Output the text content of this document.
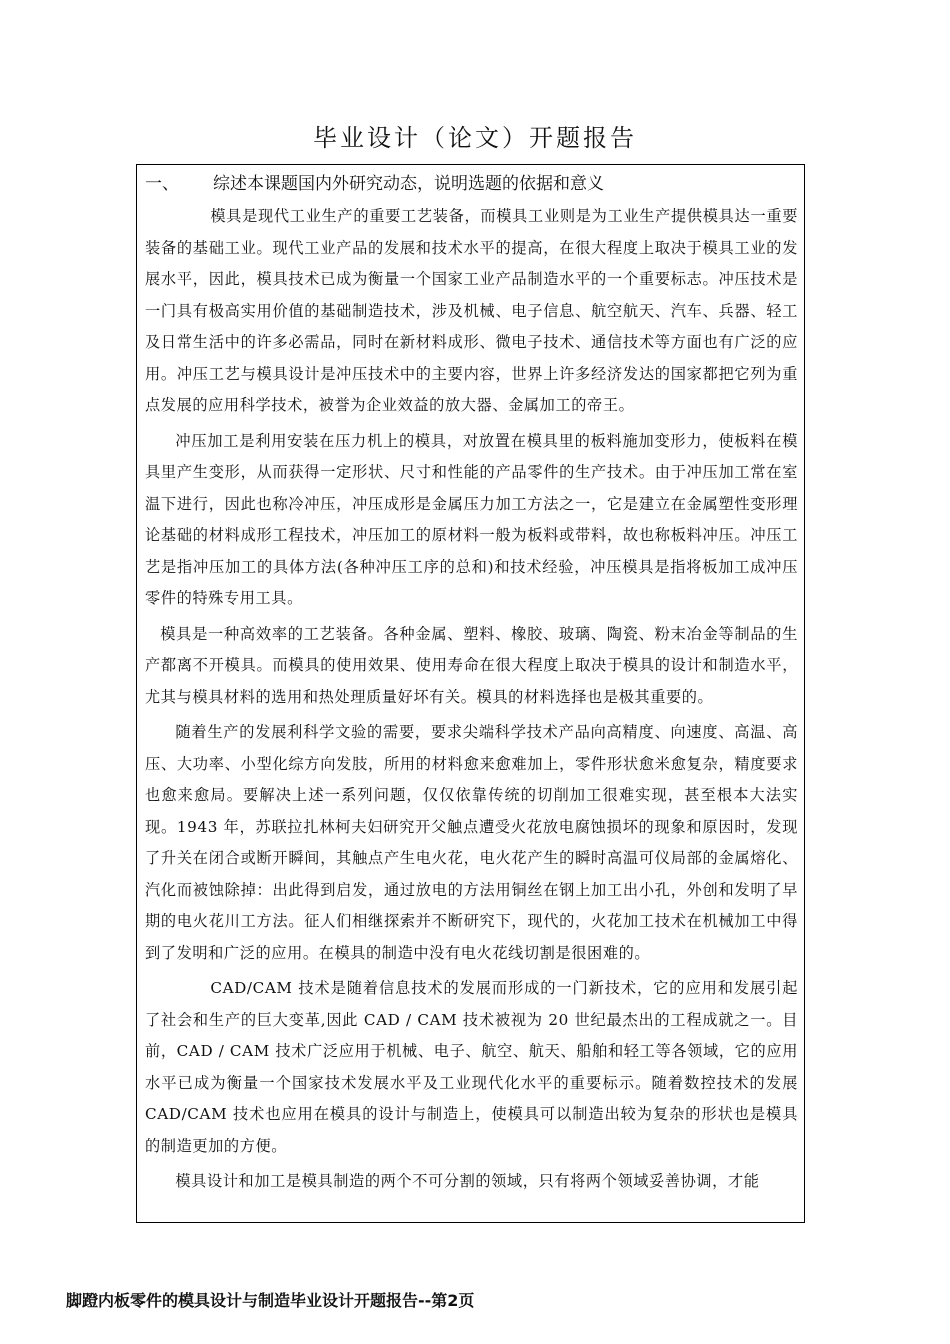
毕业设计（论文）开题报告
一、	综述本课题国内外研究动态，说明选题的依据和意义

模具是现代工业生产的重要工艺装备，而模具工业则是为工业生产提供模具达一重要装备的基础工业。现代工业产品的发展和技术水平的提高，在很大程度上取决于模具工业的发展水平，因此，模具技术已成为衡量一个国家工业产品制造水平的一个重要标志。冲压技术是一门具有极高实用价值的基础制造技术，涉及机械、电子信息、航空航天、汽车、兵器、轻工及日常生活中的许多必需品，同时在新材料成形、微电子技术、通信技术等方面也有广泛的应用。冲压工艺与模具设计是冲压技术中的主要内容，世界上许多经济发达的国家都把它列为重点发展的应用科学技术，被誉为企业效益的放大器、金属加工的帝王。

冲压加工是利用安装在压力机上的模具，对放置在模具里的板料施加变形力，使板料在模具里产生变形，从而获得一定形状、尺寸和性能的产品零件的生产技术。由于冲压加工常在室温下进行，因此也称冷冲压，冲压成形是金属压力加工方法之一，它是建立在金属塑性变形理论基础的材料成形工程技术，冲压加工的原材料一般为板料或带料，故也称板料冲压。冲压工艺是指冲压加工的具体方法(各种冲压工序的总和)和技术经验，冲压模具是指将板加工成冲压零件的特殊专用工具。

模具是一种高效率的工艺装备。各种金属、塑料、橡胶、玻璃、陶瓷、粉末冶金等制品的生产都离不开模具。而模具的使用效果、使用寿命在很大程度上取决于模具的设计和制造水平，尤其与模具材料的选用和热处理质量好坏有关。模具的材料选择也是极其重要的。

随着生产的发展利科学文验的需要，要求尖端科学技术产品向高精度、向速度、高温、高压、大功率、小型化综方向发肢，所用的材料愈来愈难加上，零件形状愈米愈复杂，精度要求也愈来愈局。要解决上述一系列问题，仅仅依靠传统的切削加工很难实现，甚至根本大法实现。1943 年，苏联拉扎林柯夫妇研究开父触点遭受火花放电腐蚀损坏的现象和原因时，发现了升关在闭合或断开瞬间，其触点产生电火花，电火花产生的瞬时高温可仪局部的金属熔化、汽化而被蚀除掉：出此得到启发，通过放电的方法用铜丝在钢上加工出小孔，外创和发明了早期的电火花川工方法。征人们相继探索并不断研究下，现代的，火花加工技术在机械加工中得到了发明和广泛的应用。在模具的制造中没有电火花线切割是很困难的。

CAD/CAM 技术是随着信息技术的发展而形成的一门新技术，它的应用和发展引起了社会和生产的巨大变革,因此 CAD / CAM 技术被视为 20 世纪最杰出的工程成就之一。目前，CAD / CAM 技术广泛应用于机械、电子、航空、航天、船舶和轻工等各领域，它的应用水平已成为衡量一个国家技术发展水平及工业现代化水平的重要标示。随着数控技术的发展 CAD/CAM 技术也应用在模具的设计与制造上，使模具可以制造出较为复杂的形状也是模具的制造更加的方便。

模具设计和加工是模具制造的两个不可分割的领域，只有将两个领域妥善协调，才能

脚蹬内板零件的模具设计与制造毕业设计开题报告--第2页
